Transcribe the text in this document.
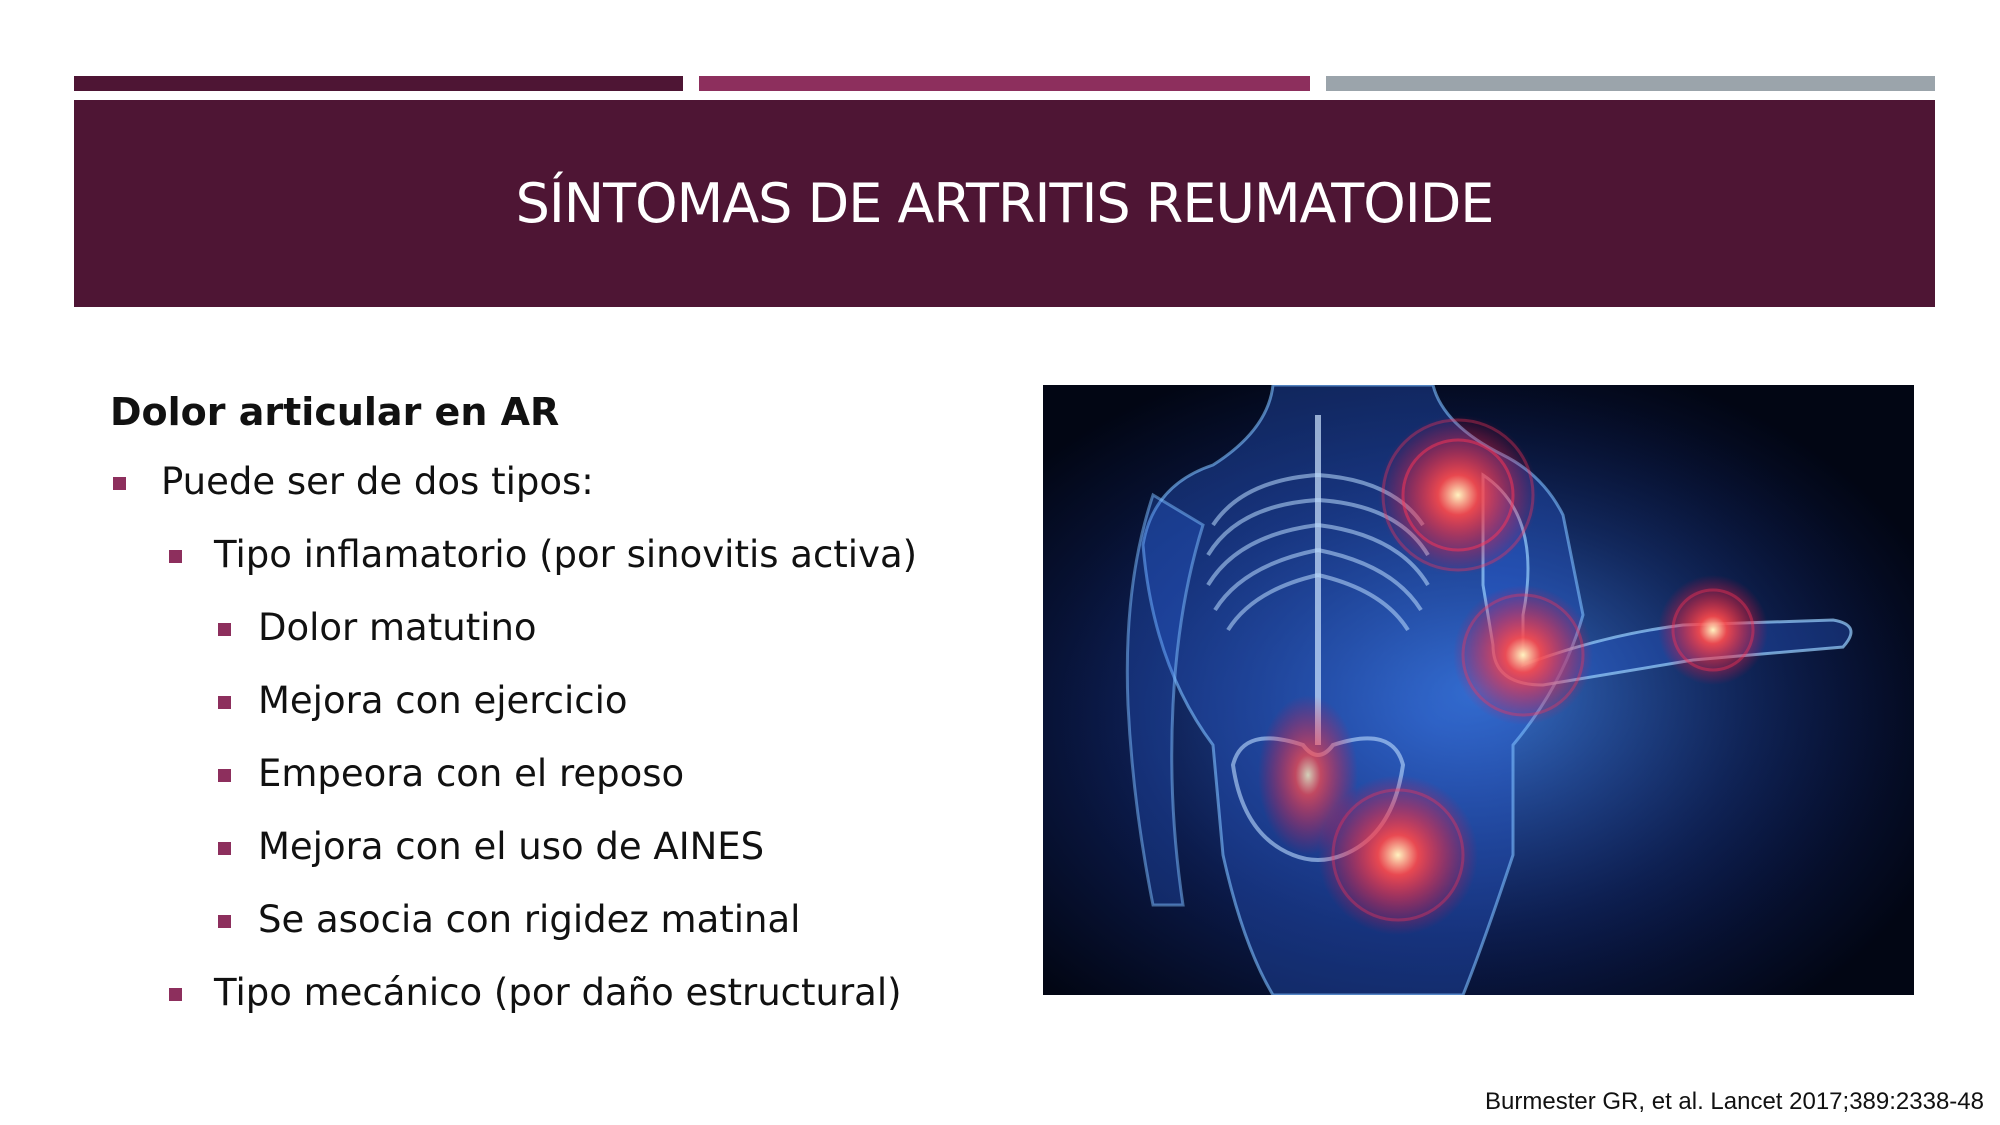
SÍNTOMAS DE ARTRITIS REUMATOIDE
Dolor articular en AR
Puede ser de dos tipos:
Tipo inflamatorio (por sinovitis activa)
Dolor matutino
Mejora con ejercicio
Empeora con el reposo
Mejora con el uso de AINES
Se asocia con rigidez matinal
Tipo mecánico (por daño estructural)
Burmester GR, et al. Lancet 2017;389:2338-48
